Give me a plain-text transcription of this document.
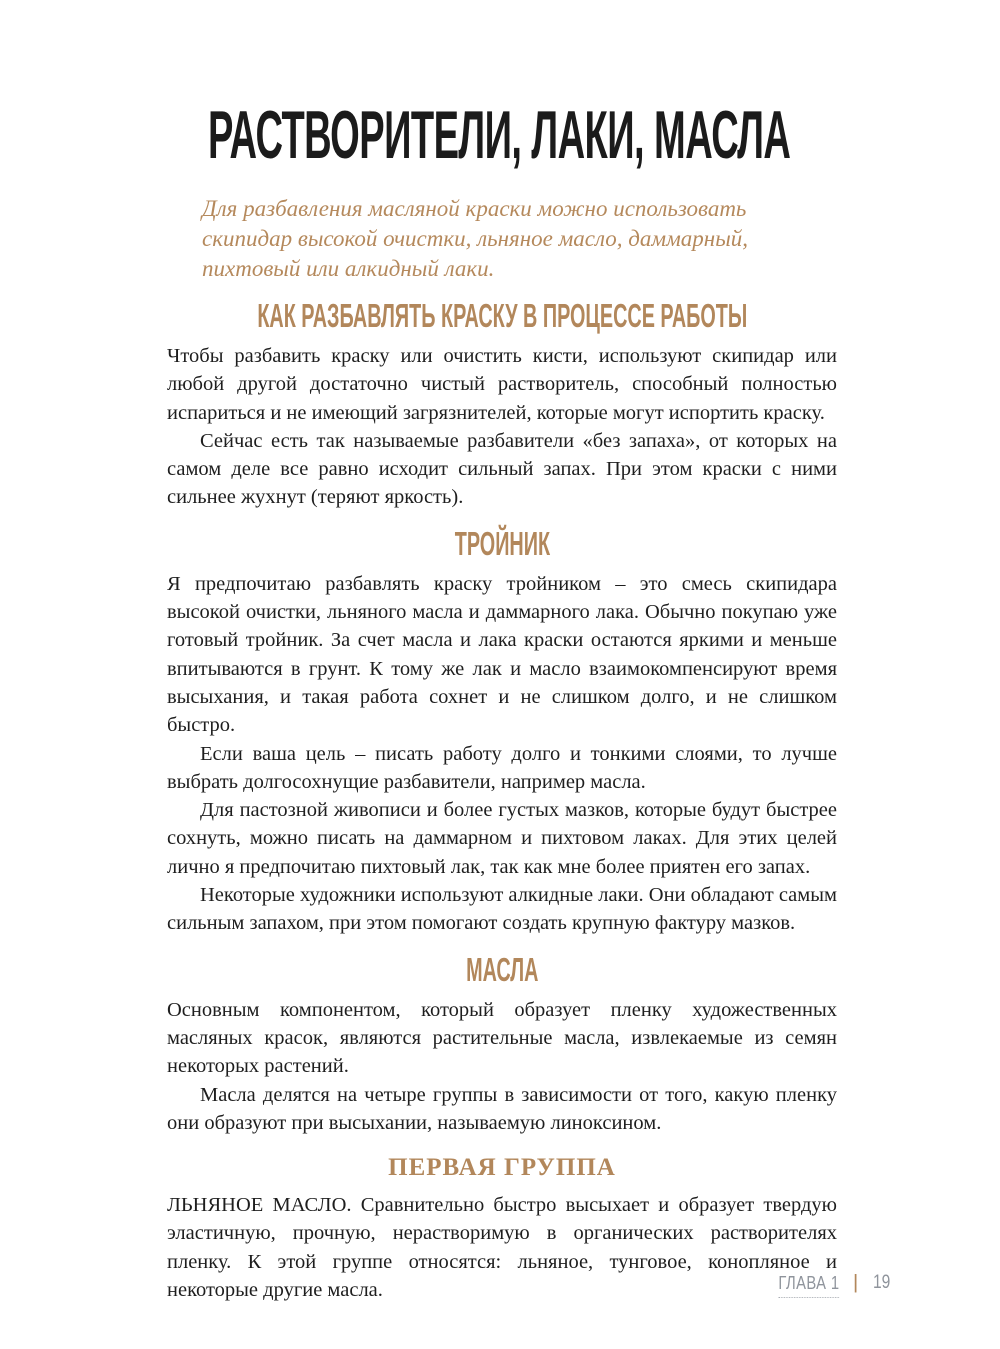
РАСТВОРИТЕЛИ, ЛАКИ, МАСЛА

Для разбавления масляной краски можно использовать скипидар высокой очистки, льняное масло, даммарный, пихтовый или алкидный лаки.

КАК РАЗБАВЛЯТЬ КРАСКУ В ПРОЦЕССЕ РАБОТЫ

Чтобы разбавить краску или очистить кисти, используют скипидар или любой другой достаточно чистый растворитель, способный полностью испариться и не имеющий загрязнителей, которые могут испортить краску.

Сейчас есть так называемые разбавители «без запаха», от которых на самом деле все равно исходит сильный запах. При этом краски с ними сильнее жухнут (теряют яркость).

ТРОЙНИК

Я предпочитаю разбавлять краску тройником – это смесь скипидара высокой очистки, льняного масла и даммарного лака. Обычно покупаю уже готовый тройник. За счет масла и лака краски остаются яркими и меньше впитываются в грунт. К тому же лак и масло взаимокомпенсируют время высыхания, и такая работа сохнет и не слишком долго, и не слишком быстро.

Если ваша цель – писать работу долго и тонкими слоями, то лучше выбрать долгосохнущие разбавители, например масла.

Для пастозной живописи и более густых мазков, которые будут быстрее сохнуть, можно писать на даммарном и пихтовом лаках. Для этих целей лично я предпочитаю пихтовый лак, так как мне более приятен его запах.

Некоторые художники используют алкидные лаки. Они обладают самым сильным запахом, при этом помогают создать крупную фактуру мазков.

МАСЛА

Основным компонентом, который образует пленку художественных масляных красок, являются растительные масла, извлекаемые из семян некоторых растений.

Масла делятся на четыре группы в зависимости от того, какую пленку они образуют при высыхании, называемую линоксином.

ПЕРВАЯ ГРУППА

ЛЬНЯНОЕ МАСЛО. Сравнительно быстро высыхает и образует твердую эластичную, прочную, нерастворимую в органических растворителях пленку. К этой группе относятся: льняное, тунговое, конопляное и некоторые другие масла.	ГЛАВА 1 | 19
